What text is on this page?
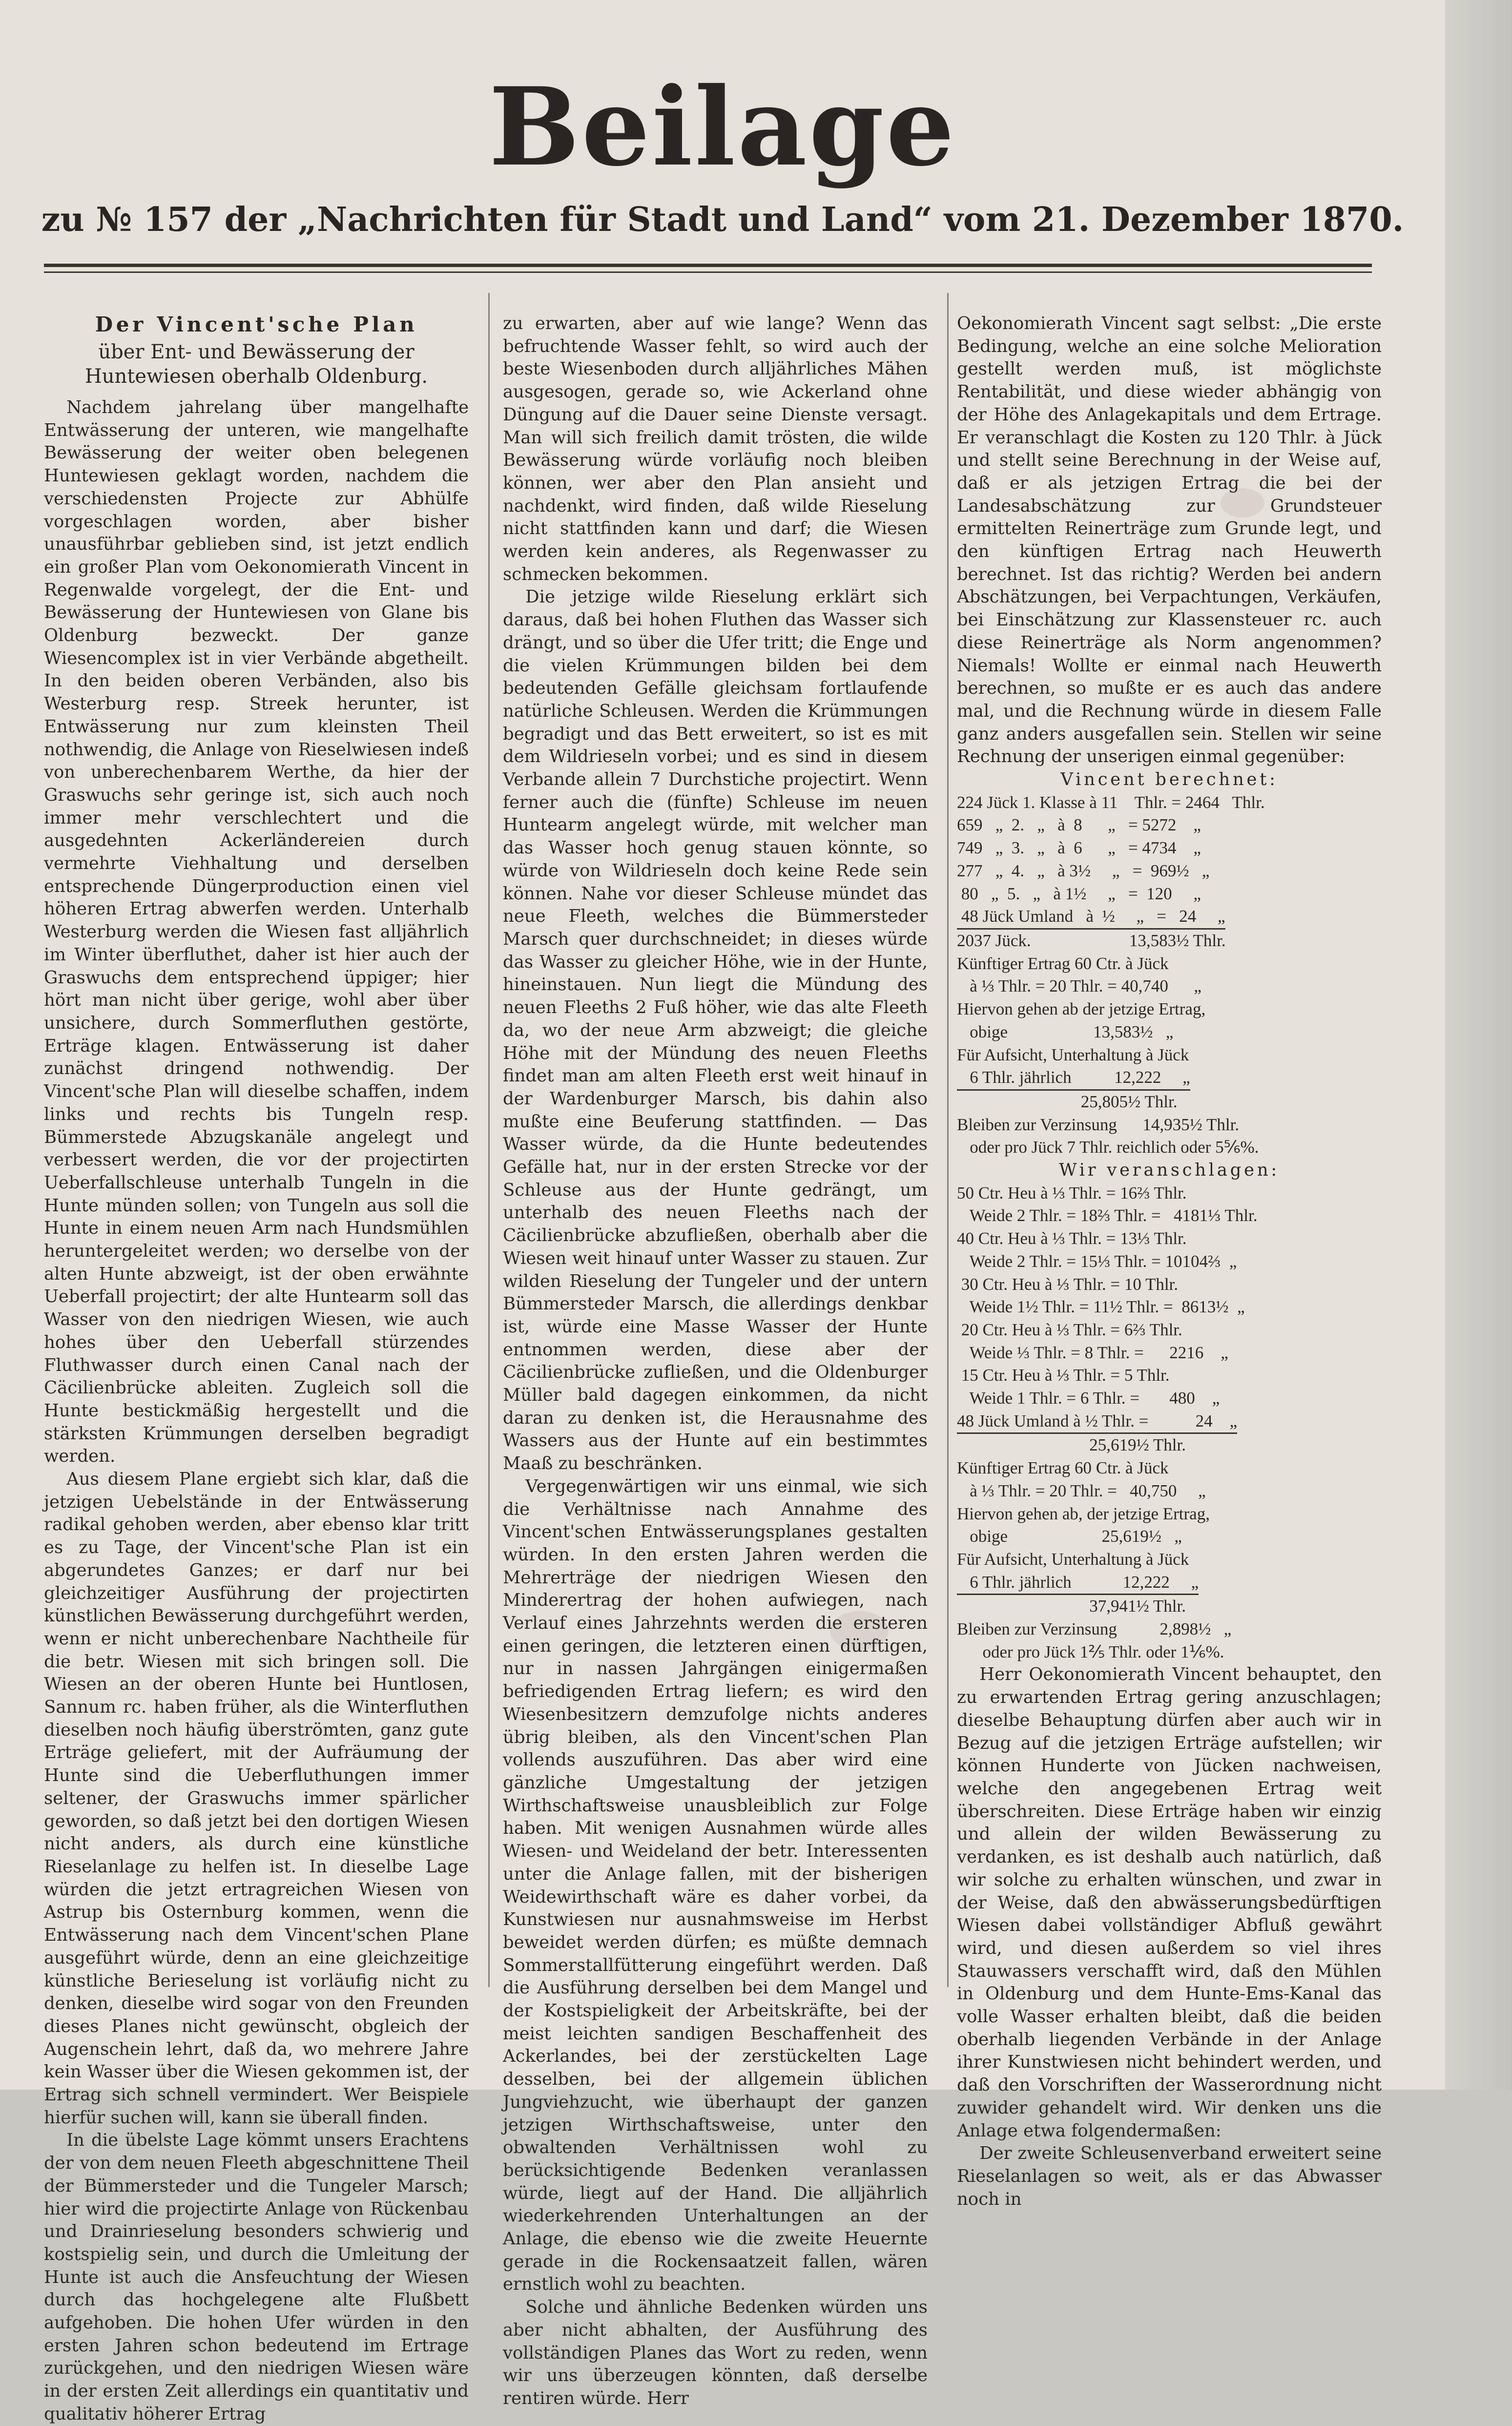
Beilage
zu № 157 der „Nachrichten für Stadt und Land“ vom 21. Dezember 1870.
Der Vincent'sche Plan
über Ent- und Bewässerung der Huntewiesen oberhalb Oldenburg.

Nachdem jahrelang über mangelhafte Entwässerung der unteren, wie mangelhafte Bewässerung der weiter oben belegenen Huntewiesen geklagt worden, nachdem die verschiedensten Projecte zur Abhülfe vorgeschlagen worden, aber bisher unausführbar geblieben sind, ist jetzt endlich ein großer Plan vom Oekonomierath Vincent in Regenwalde vorgelegt, der die Ent- und Bewässerung der Huntewiesen von Glane bis Oldenburg bezweckt. Der ganze Wiesencomplex ist in vier Verbände abgetheilt. In den beiden oberen Verbänden, also bis Westerburg resp. Streek herunter, ist Entwässerung nur zum kleinsten Theil nothwendig, die Anlage von Rieselwiesen indeß von unberechenbarem Werthe, da hier der Graswuchs sehr geringe ist, sich auch noch immer mehr verschlechtert und die ausgedehnten Ackerländereien durch vermehrte Viehhaltung und derselben entsprechende Düngerproduction einen viel höheren Ertrag abwerfen werden. Unterhalb Westerburg werden die Wiesen fast alljährlich im Winter überfluthet, daher ist hier auch der Graswuchs dem entsprechend üppiger; hier hört man nicht über gerige, wohl aber über unsichere, durch Sommerfluthen gestörte, Erträge klagen. Entwässerung ist daher zunächst dringend nothwendig. Der Vincent'sche Plan will dieselbe schaffen, indem links und rechts bis Tungeln resp. Bümmerstede Abzugskanäle angelegt und verbessert werden, die vor der projectirten Ueberfallschleuse unterhalb Tungeln in die Hunte münden sollen; von Tungeln aus soll die Hunte in einem neuen Arm nach Hundsmühlen heruntergeleitet werden; wo derselbe von der alten Hunte abzweigt, ist der oben erwähnte Ueberfall projectirt; der alte Huntearm soll das Wasser von den niedrigen Wiesen, wie auch hohes über den Ueberfall stürzendes Fluthwasser durch einen Canal nach der Cäcilienbrücke ableiten. Zugleich soll die Hunte bestickmäßig hergestellt und die stärksten Krümmungen derselben begradigt werden.

Aus diesem Plane ergiebt sich klar, daß die jetzigen Uebelstände in der Entwässerung radikal gehoben werden, aber ebenso klar tritt es zu Tage, der Vincent'sche Plan ist ein abgerundetes Ganzes; er darf nur bei gleichzeitiger Ausführung der projectirten künstlichen Bewässerung durchgeführt werden, wenn er nicht unberechenbare Nachtheile für die betr. Wiesen mit sich bringen soll. Die Wiesen an der oberen Hunte bei Huntlosen, Sannum rc. haben früher, als die Winterfluthen dieselben noch häufig überströmten, ganz gute Erträge geliefert, mit der Aufräumung der Hunte sind die Ueberfluthungen immer seltener, der Graswuchs immer spärlicher geworden, so daß jetzt bei den dortigen Wiesen nicht anders, als durch eine künstliche Rieselanlage zu helfen ist. In dieselbe Lage würden die jetzt ertragreichen Wiesen von Astrup bis Osternburg kommen, wenn die Entwässerung nach dem Vincent'schen Plane ausgeführt würde, denn an eine gleichzeitige künstliche Berieselung ist vorläufig nicht zu denken, dieselbe wird sogar von den Freunden dieses Planes nicht gewünscht, obgleich der Augenschein lehrt, daß da, wo mehrere Jahre kein Wasser über die Wiesen gekommen ist, der Ertrag sich schnell vermindert. Wer Beispiele hierfür suchen will, kann sie überall finden.

In die übelste Lage kömmt unsers Erachtens der von dem neuen Fleeth abgeschnittene Theil der Bümmersteder und die Tungeler Marsch; hier wird die projectirte Anlage von Rückenbau und Drainrieselung besonders schwierig und kostspielig sein, und durch die Umleitung der Hunte ist auch die Ansfeuchtung der Wiesen durch das hochgelegene alte Flußbett aufgehoben. Die hohen Ufer würden in den ersten Jahren schon bedeutend im Ertrage zurückgehen, und den niedrigen Wiesen wäre in der ersten Zeit allerdings ein quantitativ und qualitativ höherer Ertrag

zu erwarten, aber auf wie lange? Wenn das befruchtende Wasser fehlt, so wird auch der beste Wiesenboden durch alljährliches Mähen ausgesogen, gerade so, wie Ackerland ohne Düngung auf die Dauer seine Dienste versagt. Man will sich freilich damit trösten, die wilde Bewässerung würde vorläufig noch bleiben können, wer aber den Plan ansieht und nachdenkt, wird finden, daß wilde Rieselung nicht stattfinden kann und darf; die Wiesen werden kein anderes, als Regenwasser zu schmecken bekommen.

Die jetzige wilde Rieselung erklärt sich daraus, daß bei hohen Fluthen das Wasser sich drängt, und so über die Ufer tritt; die Enge und die vielen Krümmungen bilden bei dem bedeutenden Gefälle gleichsam fortlaufende natürliche Schleusen. Werden die Krümmungen begradigt und das Bett erweitert, so ist es mit dem Wildrieseln vorbei; und es sind in diesem Verbande allein 7 Durchstiche projectirt. Wenn ferner auch die (fünfte) Schleuse im neuen Huntearm angelegt würde, mit welcher man das Wasser hoch genug stauen könnte, so würde von Wildrieseln doch keine Rede sein können. Nahe vor dieser Schleuse mündet das neue Fleeth, welches die Bümmersteder Marsch quer durchschneidet; in dieses würde das Wasser zu gleicher Höhe, wie in der Hunte, hineinstauen. Nun liegt die Mündung des neuen Fleeths 2 Fuß höher, wie das alte Fleeth da, wo der neue Arm abzweigt; die gleiche Höhe mit der Mündung des neuen Fleeths findet man am alten Fleeth erst weit hinauf in der Wardenburger Marsch, bis dahin also mußte eine Beuferung stattfinden. — Das Wasser würde, da die Hunte bedeutendes Gefälle hat, nur in der ersten Strecke vor der Schleuse aus der Hunte gedrängt, um unterhalb des neuen Fleeths nach der Cäcilienbrücke abzufließen, oberhalb aber die Wiesen weit hinauf unter Wasser zu stauen. Zur wilden Rieselung der Tungeler und der untern Bümmersteder Marsch, die allerdings denkbar ist, würde eine Masse Wasser der Hunte entnommen werden, diese aber der Cäcilienbrücke zufließen, und die Oldenburger Müller bald dagegen einkommen, da nicht daran zu denken ist, die Herausnahme des Wassers aus der Hunte auf ein bestimmtes Maaß zu beschränken.

Vergegenwärtigen wir uns einmal, wie sich die Verhältnisse nach Annahme des Vincent'schen Entwässerungsplanes gestalten würden. In den ersten Jahren werden die Mehrerträge der niedrigen Wiesen den Minderertrag der hohen aufwiegen, nach Verlauf eines Jahrzehnts werden die ersteren einen geringen, die letzteren einen dürftigen, nur in nassen Jahrgängen einigermaßen befriedigenden Ertrag liefern; es wird den Wiesenbesitzern demzufolge nichts anderes übrig bleiben, als den Vincent'schen Plan vollends auszuführen. Das aber wird eine gänzliche Umgestaltung der jetzigen Wirthschaftsweise unausbleiblich zur Folge haben. Mit wenigen Ausnahmen würde alles Wiesen- und Weideland der betr. Interessenten unter die Anlage fallen, mit der bisherigen Weidewirthschaft wäre es daher vorbei, da Kunstwiesen nur ausnahmsweise im Herbst beweidet werden dürfen; es müßte demnach Sommerstallfütterung eingeführt werden. Daß die Ausführung derselben bei dem Mangel und der Kostspieligkeit der Arbeitskräfte, bei der meist leichten sandigen Beschaffenheit des Ackerlandes, bei der zerstückelten Lage desselben, bei der allgemein üblichen Jungviehzucht, wie überhaupt der ganzen jetzigen Wirthschaftsweise, unter den obwaltenden Verhältnissen wohl zu berücksichtigende Bedenken veranlassen würde, liegt auf der Hand. Die alljährlich wiederkehrenden Unterhaltungen an der Anlage, die ebenso wie die zweite Heuernte gerade in die Rockensaatzeit fallen, wären ernstlich wohl zu beachten.

Solche und ähnliche Bedenken würden uns aber nicht abhalten, der Ausführung des vollständigen Planes das Wort zu reden, wenn wir uns überzeugen könnten, daß derselbe rentiren würde. Herr

Oekonomierath Vincent sagt selbst: „Die erste Bedingung, welche an eine solche Melioration gestellt werden muß, ist möglichste Rentabilität, und diese wieder abhängig von der Höhe des Anlagekapitals und dem Ertrage. Er veranschlagt die Kosten zu 120 Thlr. à Jück und stellt seine Berechnung in der Weise auf, daß er als jetzigen Ertrag die bei der Landesabschätzung zur Grundsteuer ermittelten Reinerträge zum Grunde legt, und den künftigen Ertrag nach Heuwerth berechnet. Ist das richtig? Werden bei andern Abschätzungen, bei Verpachtungen, Verkäufen, bei Einschätzung zur Klassensteuer rc. auch diese Reinerträge als Norm angenommen? Niemals! Wollte er einmal nach Heuwerth berechnen, so mußte er es auch das andere mal, und die Rechnung würde in diesem Falle ganz anders ausgefallen sein. Stellen wir seine Rechnung der unserigen einmal gegenüber:

Vincent berechnet:

224 Jück 1. Klasse à 11    Thlr. = 2464   Thlr.
659   „  2.   „   à  8      „   = 5272    „
749   „  3.   „   à  6      „   = 4734    „
277   „  4.   „   à 3½     „   =  969½   „
80   „  5.   „   à 1½     „   =  120     „
48 Jück Umland   à  ½     „   =   24     „
2037 Jück.                       13,583½ Thlr.
Künftiger Ertrag 60 Ctr. à Jück
à ⅓ Thlr. = 20 Thlr. = 40,740      „
Hiervon gehen ab der jetzige Ertrag,
obige                    13,583½   „
Für Aufsicht, Unterhaltung à Jück
6 Thlr. jährlich          12,222     „
25,805½ Thlr.
Bleiben zur Verzinsung      14,935½ Thlr.
oder pro Jück 7 Thlr. reichlich oder 5⅚%.

Wir veranschlagen:

50 Ctr. Heu à ⅓ Thlr. = 16⅔ Thlr.
Weide 2 Thlr. = 18⅔ Thlr. =   4181⅓ Thlr.
40 Ctr. Heu à ⅓ Thlr. = 13⅓ Thlr.
Weide 2 Thlr. = 15⅓ Thlr. = 10104⅔  „
30 Ctr. Heu à ⅓ Thlr. = 10 Thlr.
Weide 1½ Thlr. = 11½ Thlr. =  8613½  „
20 Ctr. Heu à ⅓ Thlr. = 6⅔ Thlr.
Weide ⅓ Thlr. = 8 Thlr. =      2216    „
15 Ctr. Heu à ⅓ Thlr. = 5 Thlr.
Weide 1 Thlr. = 6 Thlr. =       480    „
48 Jück Umland à ½ Thlr. =           24    „
25,619½ Thlr.
Künftiger Ertrag 60 Ctr. à Jück
à ⅓ Thlr. = 20 Thlr. =   40,750     „
Hiervon gehen ab, der jetzige Ertrag,
obige                      25,619½   „
Für Aufsicht, Unterhaltung à Jück
6 Thlr. jährlich            12,222     „
37,941½ Thlr.
Bleiben zur Verzinsung          2,898½   „
oder pro Jück 1⅖ Thlr. oder 1⅙%.

Herr Oekonomierath Vincent behauptet, den zu erwartenden Ertrag gering anzuschlagen; dieselbe Behauptung dürfen aber auch wir in Bezug auf die jetzigen Erträge aufstellen; wir können Hunderte von Jücken nachweisen, welche den angegebenen Ertrag weit überschreiten. Diese Erträge haben wir einzig und allein der wilden Bewässerung zu verdanken, es ist deshalb auch natürlich, daß wir solche zu erhalten wünschen, und zwar in der Weise, daß den abwässerungsbedürftigen Wiesen dabei vollständiger Abfluß gewährt wird, und diesen außerdem so viel ihres Stauwassers verschafft wird, daß den Mühlen in Oldenburg und dem Hunte-Ems-Kanal das volle Wasser erhalten bleibt, daß die beiden oberhalb liegenden Verbände in der Anlage ihrer Kunstwiesen nicht behindert werden, und daß den Vorschriften der Wasserordnung nicht zuwider gehandelt wird. Wir denken uns die Anlage etwa folgendermaßen:

Der zweite Schleusenverband erweitert seine Rieselanlagen so weit, als er das Abwasser noch in
